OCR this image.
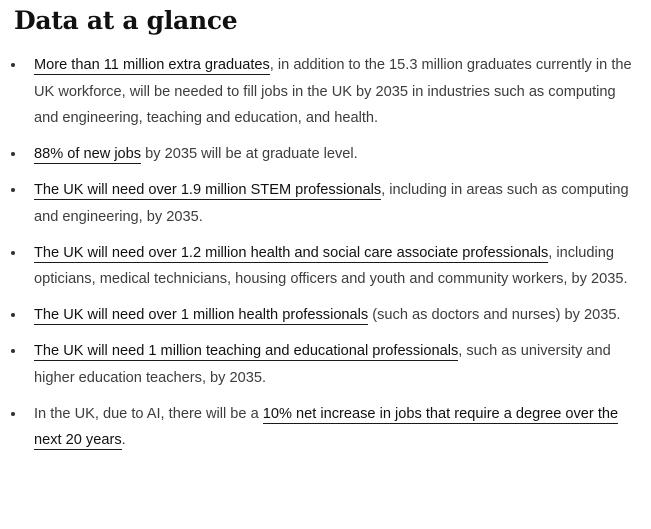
Data at a glance
More than 11 million extra graduates, in addition to the 15.3 million graduates currently in the UK workforce, will be needed to fill jobs in the UK by 2035 in industries such as computing and engineering, teaching and education, and health.
88% of new jobs by 2035 will be at graduate level.
The UK will need over 1.9 million STEM professionals, including in areas such as computing and engineering, by 2035.
The UK will need over 1.2 million health and social care associate professionals, including opticians, medical technicians, housing officers and youth and community workers, by 2035.
The UK will need over 1 million health professionals (such as doctors and nurses) by 2035.
The UK will need 1 million teaching and educational professionals, such as university and higher education teachers, by 2035.
In the UK, due to AI, there will be a 10% net increase in jobs that require a degree over the next 20 years.
